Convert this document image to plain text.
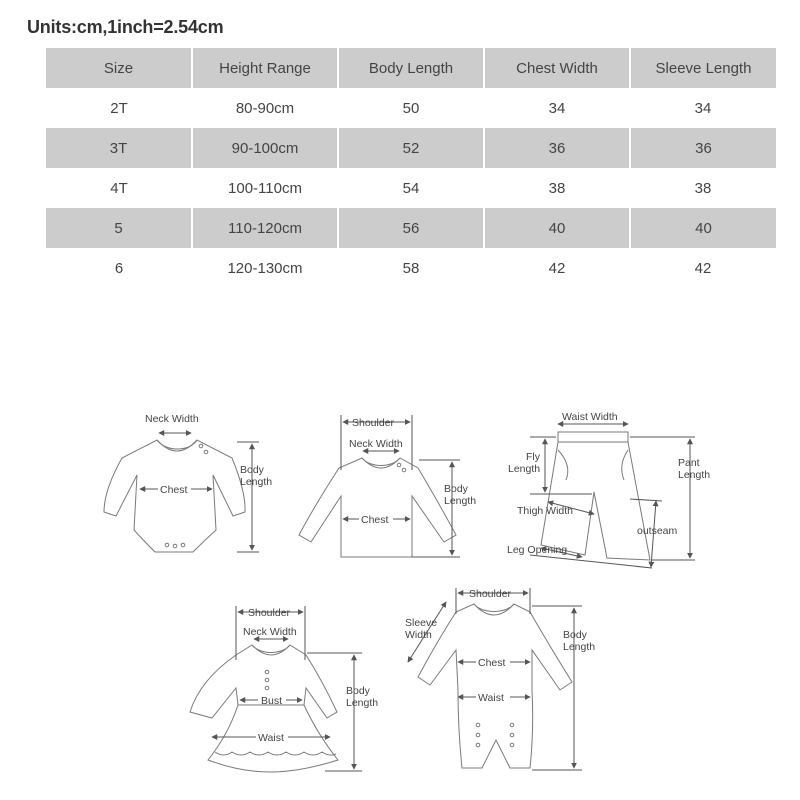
Units:cm,1inch=2.54cm
Size	Height Range	Body Length	Chest Width	Sleeve Length
2T	80-90cm	50	34	34
3T	90-100cm	52	36	36
4T	100-110cm	54	38	38
5	110-120cm	56	40	40
6	120-130cm	58	42	42
Neck Width
Chest
Body
Length
Shoulder
Neck Width
Chest
Body
Length
Waist Width
Fly
Length	Pant
Length
Thigh Width
outseam
Leg Opening
Shoulder
Neck Width
Bust
Waist
Body
Length
Shoulder
Sleeve
Width
Chest
Waist
Body
Length
